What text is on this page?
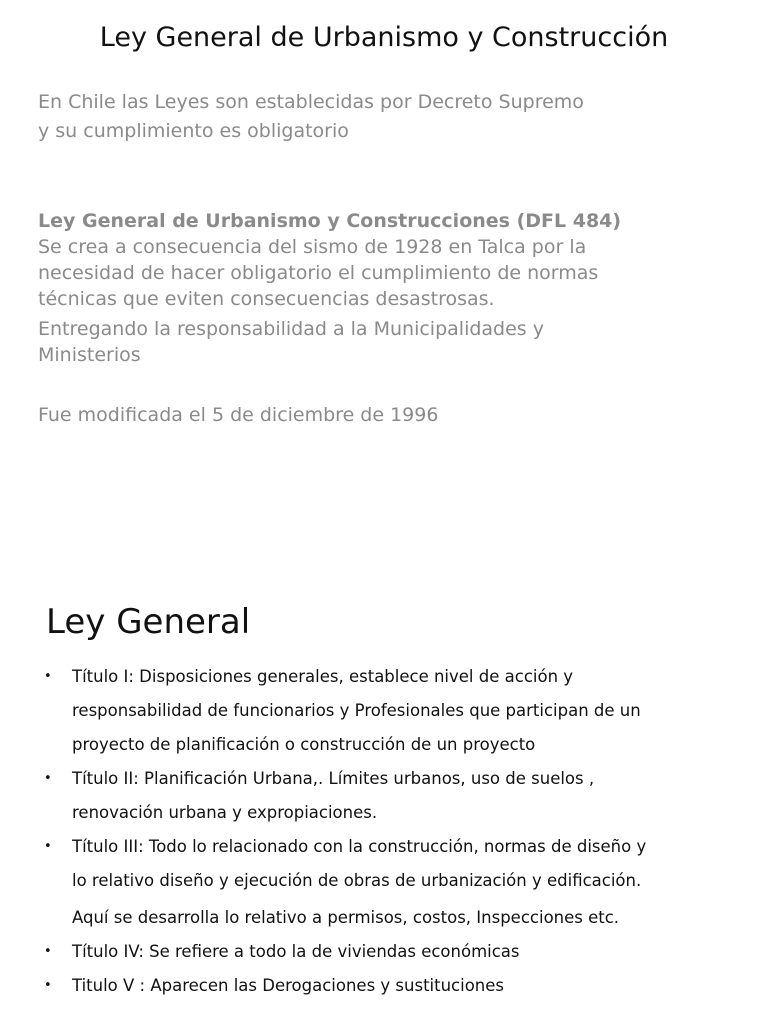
Ley General de Urbanismo y Construcción
En Chile las Leyes son establecidas por Decreto Supremo
y su cumplimiento es obligatorio
Ley General de Urbanismo y Construcciones (DFL 484)
Se crea a consecuencia del sismo de 1928 en Talca por la
necesidad de hacer obligatorio el cumplimiento de normas
técnicas que eviten consecuencias desastrosas.
Entregando la responsabilidad a la Municipalidades y
Ministerios
Fue modificada el 5 de diciembre de 1996
Ley General
• Título I: Disposiciones generales, establece nivel de acción y
responsabilidad de funcionarios y Profesionales que participan de un
proyecto de planificación o construcción de un proyecto
• Título II: Planificación Urbana,. Límites urbanos, uso de suelos ,
renovación urbana y expropiaciones.
• Título III: Todo lo relacionado con la construcción, normas de diseño y
lo relativo diseño y ejecución de obras de urbanización y edificación.
Aquí se desarrolla lo relativo a permisos, costos, Inspecciones etc.
• Título IV: Se refiere a todo la de viviendas económicas
• Titulo V : Aparecen las Derogaciones y sustituciones
